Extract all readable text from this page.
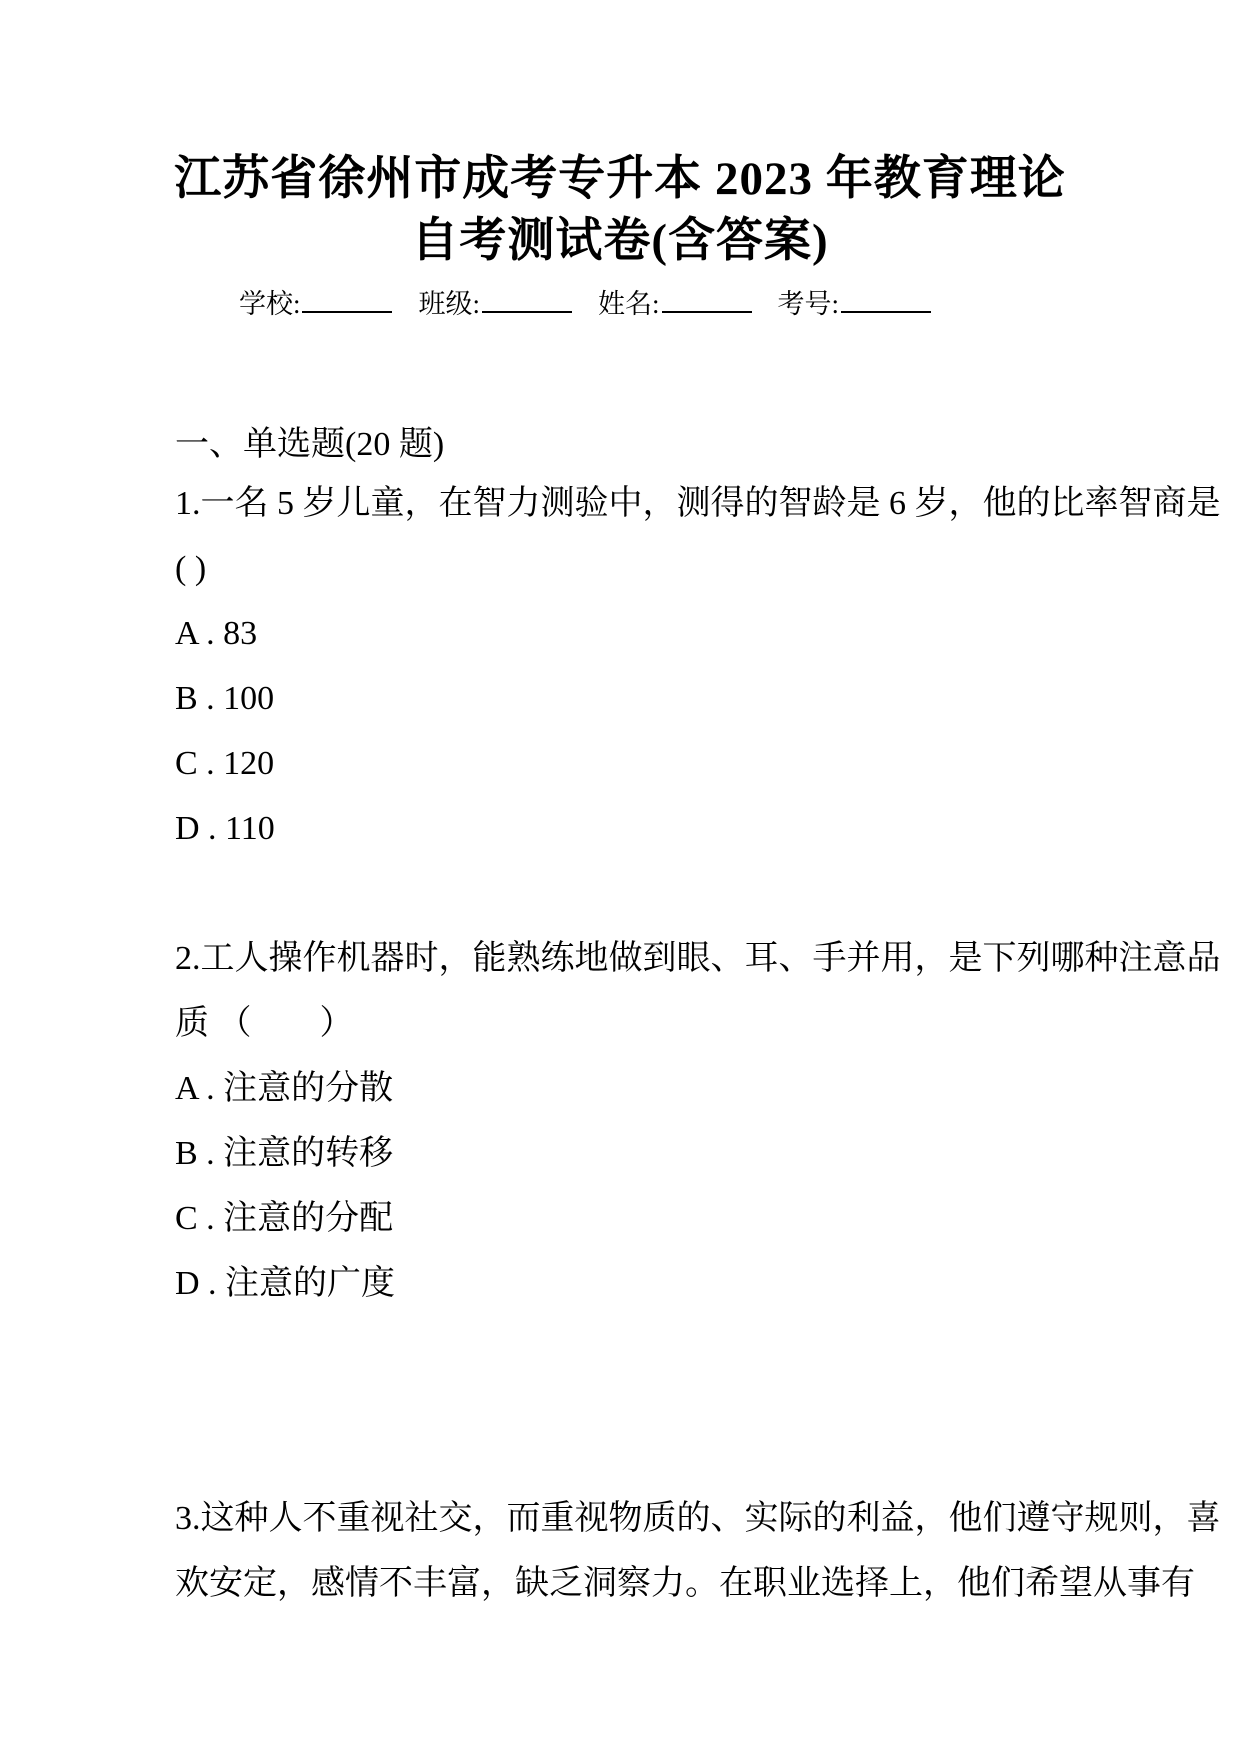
江苏省徐州市成考专升本 2023 年教育理论
自考测试卷(含答案)
学校:	班级:	姓名:	考号:
一、单选题(20 题)
1.一名 5 岁儿童，在智力测验中，测得的智龄是 6 岁，他的比率智商是
( )
A . 83
B . 100
C . 120
D . 110
2.工人操作机器时，能熟练地做到眼、耳、手并用，是下列哪种注意品
质 （　　）
A . 注意的分散
B . 注意的转移
C . 注意的分配
D . 注意的广度
3.这种人不重视社交，而重视物质的、实际的利益，他们遵守规则，喜
欢安定，感情不丰富，缺乏洞察力。在职业选择上，他们希望从事有
